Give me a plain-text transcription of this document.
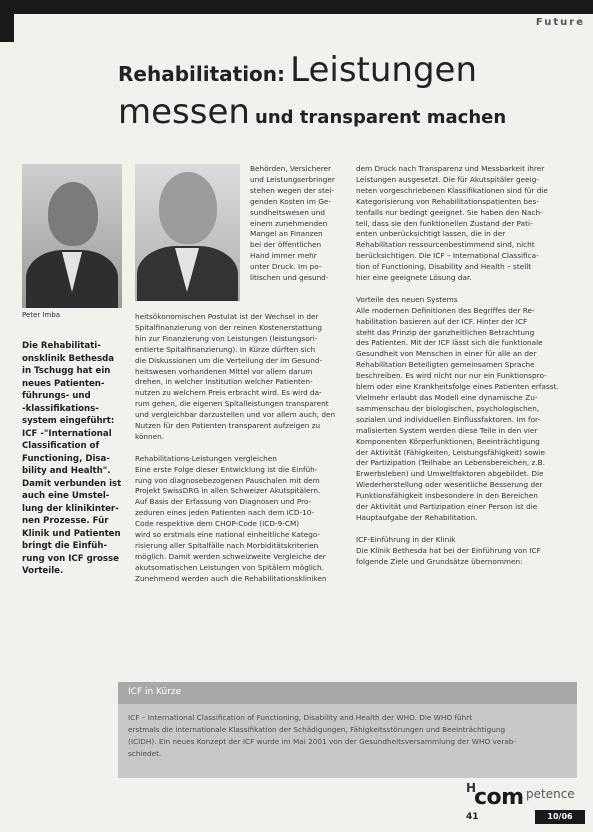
Future
Rehabilitation: Leistungen
messen und transparent machen
Peter Imba
Die Rehabilitati-
onsklinik Bethesda
in Tschugg hat ein
neues Patienten-
führungs- und
-klassifikations-
system eingeführt:
ICF -"International
Classification of
Functioning, Disa-
bility and Health".
Damit verbunden ist
auch eine Umstel-
lung der klinikinter-
nen Prozesse. Für
Klinik und Patienten
bringt die Einfüh-
rung von ICF grosse
Vorteile.
Behörden, Versicherer
und Leistungserbringer
stehen wegen der stei-
genden Kosten im Ge-
sundheitswesen und
einem zunehmenden
Mangel an Finanzen
bei der öffentlichen
Hand immer mehr
unter Druck. Im po-
litischen und gesund-
heitsökonomischen Postulat ist der Wechsel in der
Spitalfinanzierung von der reinen Kostenerstattung
hin zur Finanzierung von Leistungen (leistungsori-
entierte Spitalfinanzierung). In Kürze dürften sich
die Diskussionen um die Verteilung der im Gesund-
heitswesen vorhandenen Mittel vor allem darum
drehen, in welcher Institution welcher Patienten-
nutzen zu welchem Preis erbracht wird. Es wird da-
rum gehen, die eigenen Spitalleistungen transparent
und vergleichbar darzustellen und vor allem auch, den
Nutzen für den Patienten transparent aufzeigen zu
können.
Rehabilitations-Leistungen vergleichen
Eine erste Folge dieser Entwicklung ist die Einfüh-
rung von diagnosebezogenen Pauschalen mit dem
Projekt SwissDRG in allen Schweizer Akutspitälern.
Auf Basis der Erfassung von Diagnosen und Pro-
zeduren eines jeden Patienten nach dem ICD-10-
Code respektive dem CHOP-Code (ICD-9-CM)
wird so erstmals eine national einheitliche Katego-
risierung aller Spitalfälle nach Morbiditätskriterien
möglich. Damit werden schweizweite Vergleiche der
akutsomatischen Leistungen von Spitälern möglich.
Zunehmend werden auch die Rehabilitationskliniken
dem Druck nach Transparenz und Messbarkeit ihrer
Leistungen ausgesetzt. Die für Akutspitäler geeig-
neten vorgeschriebenen Klassifikationen sind für die
Kategorisierung von Rehabilitationspatienten bes-
tenfalls nur bedingt geeignet. Sie haben den Nach-
teil, dass sie den funktionellen Zustand der Pati-
enten unberücksichtigt lassen, die in der
Rehabilitation ressourcenbestimmend sind, nicht
berücksichtigen. Die ICF – International Classifica-
tion of Functioning, Disability and Health – stellt
hier eine geeignete Lösung dar.
Vorteile des neuen Systems
Alle modernen Definitionen des Begriffes der Re-
habilitation basieren auf der ICF. Hinter der ICF
steht das Prinzip der ganzheitlichen Betrachtung
des Patienten. Mit der ICF lässt sich die funktionale
Gesundheit von Menschen in einer für alle an der
Rehabilitation Beteiligten gemeinsamen Sprache
beschreiben. Es wird nicht nur nur ein Funktionspro-
blem oder eine Krankheitsfolge eines Patienten erfasst.
Vielmehr erlaubt das Modell eine dynamische Zu-
sammenschau der biologischen, psychologischen,
sozialen und individuellen Einflussfaktoren. Im for-
malisierten System werden diese Teile in den vier
Komponenten Körperfunktionen, Beeinträchtigung
der Aktivität (Fähigkeiten, Leistungsfähigkeit) sowie
der Partizipation (Teilhabe an Lebensbereichen, z.B.
Erwerbsleben) und Umweltfaktoren abgebildet. Die
Wiederherstellung oder wesentliche Besserung der
Funktionsfähigkeit insbesondere in den Bereichen
der Aktivität und Partizipation einer Person ist die
Hauptaufgabe der Rehabilitation.
ICF-Einführung in der Klinik
Die Klinik Bethesda hat bei der Einführung von ICF
folgende Ziele und Grundsätze übernommen:
ICF in Kürze
ICF – International Classification of Functioning, Disability and Health der WHO. Die WHO führt
erstmals die internationale Klassifikation der Schädigungen, Fähigkeitsstörungen und Beeinträchtigung
(ICIDH). Ein neues Konzept der ICF wurde im Mai 2001 von der Gesundheitsversammlung der WHO verab-
schiedet.
H
com petence
41	10/06
